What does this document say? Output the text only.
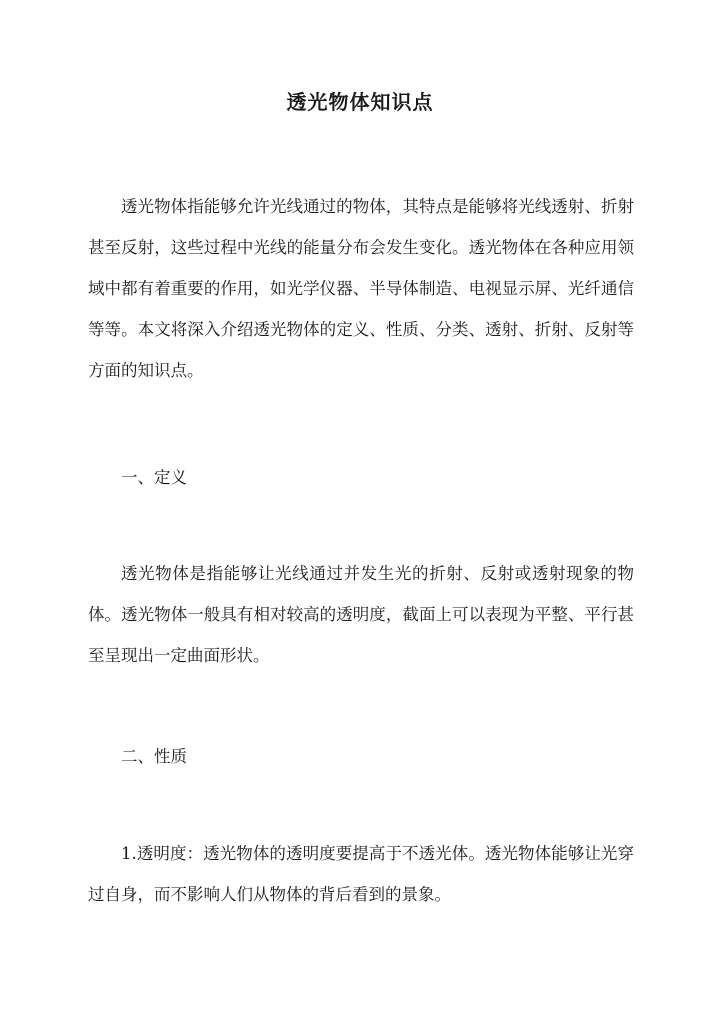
透光物体知识点

透光物体指能够允许光线通过的物体，其特点是能够将光线透射、折射甚至反射，这些过程中光线的能量分布会发生变化。透光物体在各种应用领域中都有着重要的作用，如光学仪器、半导体制造、电视显示屏、光纤通信等等。本文将深入介绍透光物体的定义、性质、分类、透射、折射、反射等方面的知识点。

一、定义

透光物体是指能够让光线通过并发生光的折射、反射或透射现象的物体。透光物体一般具有相对较高的透明度，截面上可以表现为平整、平行甚至呈现出一定曲面形状。

二、性质

1.透明度：透光物体的透明度要提高于不透光体。透光物体能够让光穿过自身，而不影响人们从物体的背后看到的景象。
